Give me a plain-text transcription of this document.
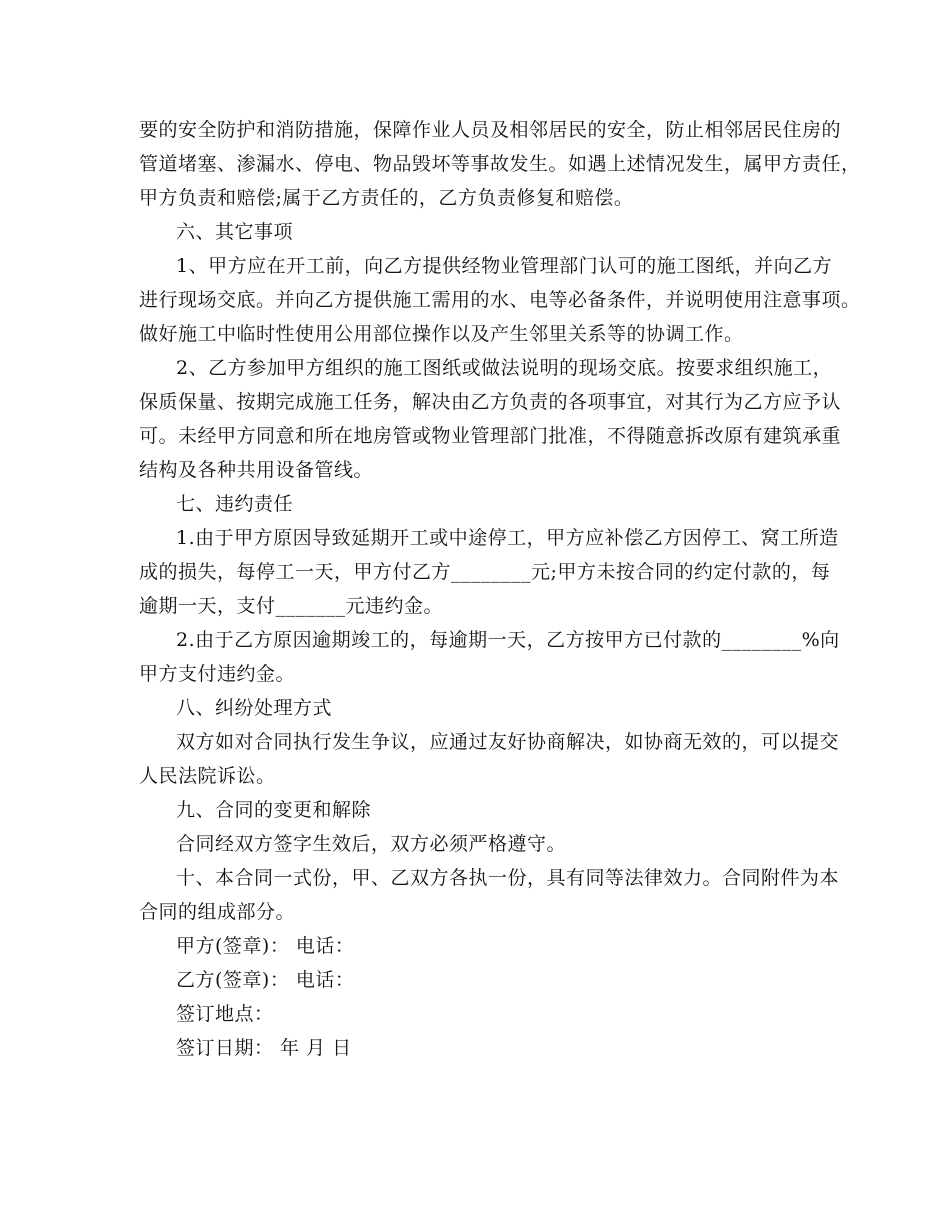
要的安全防护和消防措施，保障作业人员及相邻居民的安全，防止相邻居民住房的
管道堵塞、渗漏水、停电、物品毁坏等事故发生。如遇上述情况发生，属甲方责任，
甲方负责和赔偿;属于乙方责任的，乙方负责修复和赔偿。
六、其它事项
1、甲方应在开工前，向乙方提供经物业管理部门认可的施工图纸，并向乙方
进行现场交底。并向乙方提供施工需用的水、电等必备条件，并说明使用注意事项。
做好施工中临时性使用公用部位操作以及产生邻里关系等的协调工作。
2、乙方参加甲方组织的施工图纸或做法说明的现场交底。按要求组织施工，
保质保量、按期完成施工任务，解决由乙方负责的各项事宜，对其行为乙方应予认
可。未经甲方同意和所在地房管或物业管理部门批准，不得随意拆改原有建筑承重
结构及各种共用设备管线。
七、违约责任
1.由于甲方原因导致延期开工或中途停工，甲方应补偿乙方因停工、窝工所造
成的损失，每停工一天，甲方付乙方________元;甲方未按合同的约定付款的，每
逾期一天，支付_______元违约金。
2.由于乙方原因逾期竣工的，每逾期一天，乙方按甲方已付款的________%向
甲方支付违约金。
八、纠纷处理方式
双方如对合同执行发生争议，应通过友好协商解决，如协商无效的，可以提交
人民法院诉讼。
九、合同的变更和解除
合同经双方签字生效后，双方必须严格遵守。
十、本合同一式份，甲、乙双方各执一份，具有同等法律效力。合同附件为本
合同的组成部分。
甲方(签章)： 电话：
乙方(签章)： 电话：
签订地点：
签订日期： 年 月 日
